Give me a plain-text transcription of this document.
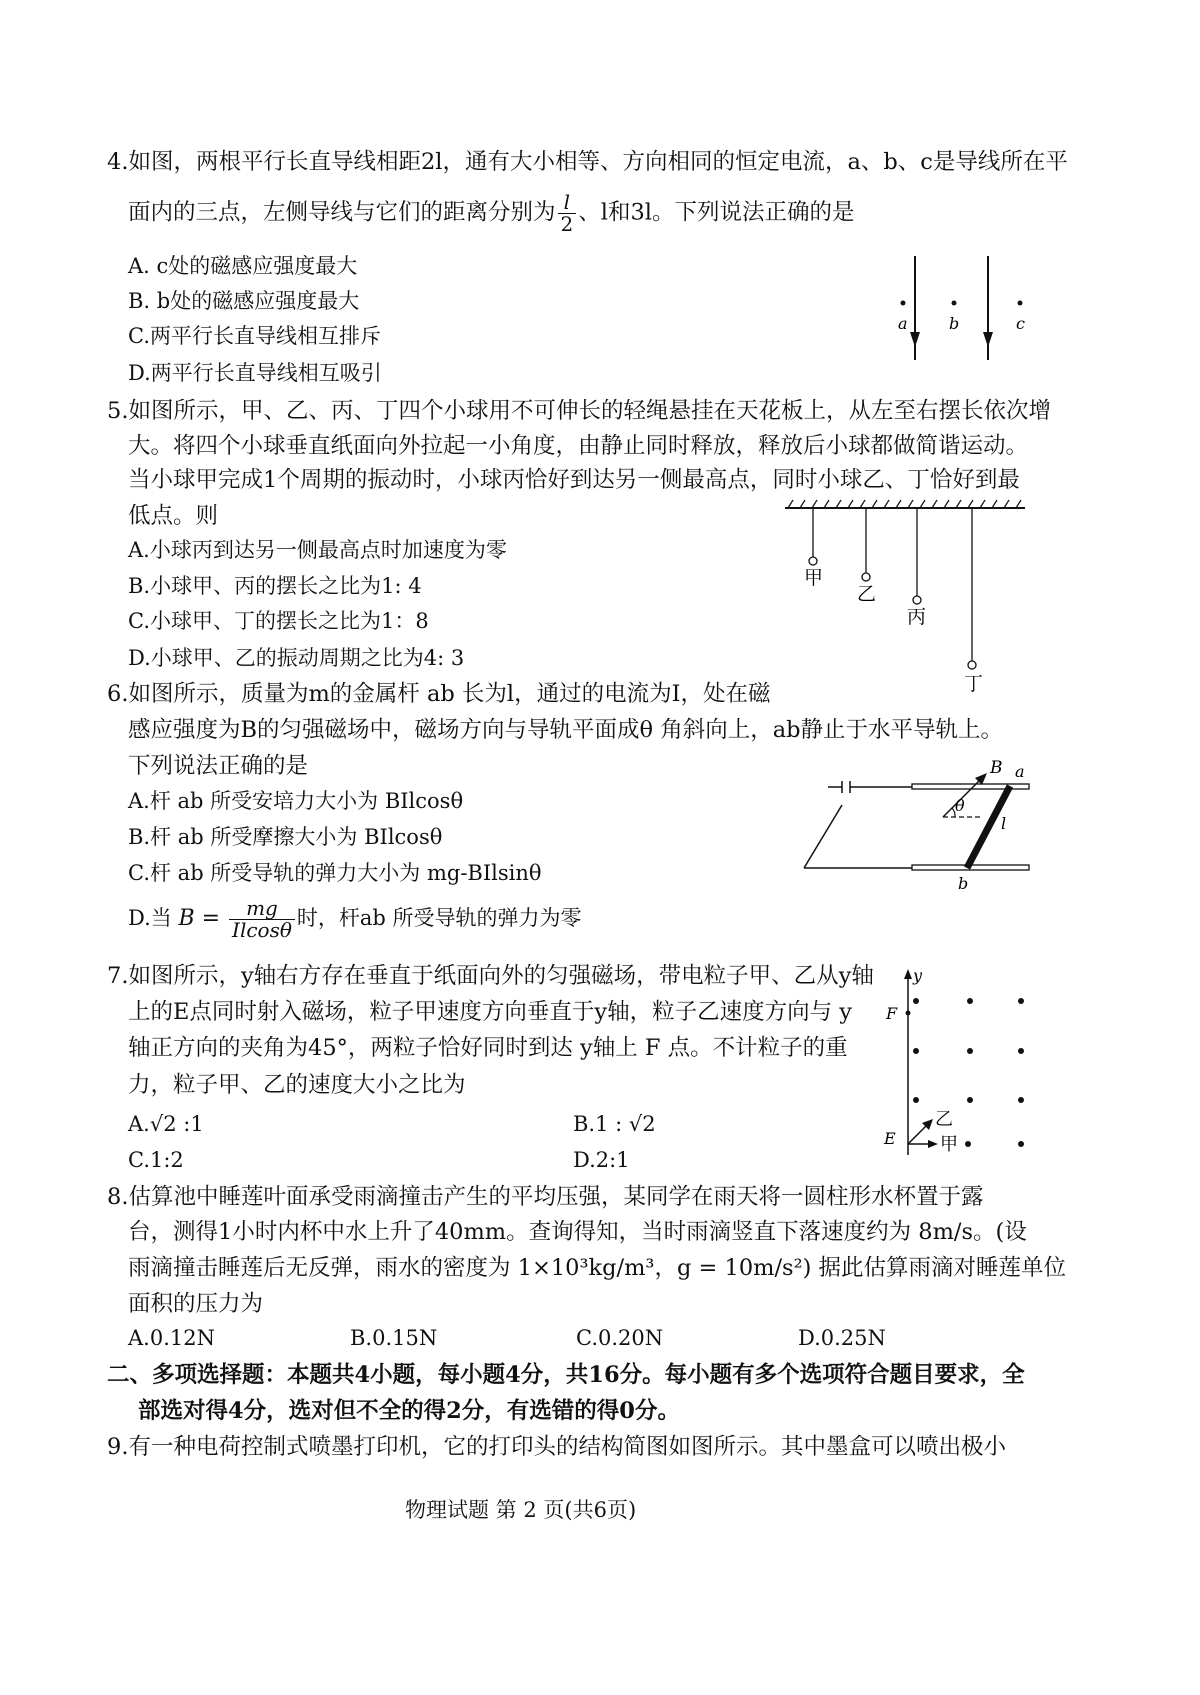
4.如图，两根平行长直导线相距2l，通有大小相等、方向相同的恒定电流，a、b、c是导线所在平
面内的三点，左侧导线与它们的距离分别为 $\frac{l}{2}$ 、l和3l。下列说法正确的是
A. c处的磁感应强度最大
B. b处的磁感应强度最大
C.两平行长直导线相互排斥
D.两平行长直导线相互吸引
a	b	c
5.如图所示，甲、乙、丙、丁四个小球用不可伸长的轻绳悬挂在天花板上，从左至右摆长依次增
大。将四个小球垂直纸面向外拉起一小角度，由静止同时释放，释放后小球都做简谐运动。
当小球甲完成1个周期的振动时，小球丙恰好到达另一侧最高点，同时小球乙、丁恰好到最
低点。则
A.小球丙到达另一侧最高点时加速度为零
B.小球甲、丙的摆长之比为1: 4
C.小球甲、丁的摆长之比为1：8
D.小球甲、乙的振动周期之比为4: 3
甲
乙
丙
丁
6.如图所示，质量为m的金属杆 ab 长为l，通过的电流为I，处在磁
感应强度为B的匀强磁场中，磁场方向与导轨平面成θ 角斜向上，ab静止于水平导轨上。
下列说法正确的是
A.杆 ab 所受安培力大小为 BIlcosθ
B.杆 ab 所受摩擦大小为 BIlcosθ
C.杆 ab 所受导轨的弹力大小为 mg-BIlsinθ
D.当 $B = \frac{mg}{Ilcos\theta}$ 时，杆ab 所受导轨的弹力为零
B a
θ
l
b
7.如图所示，y轴右方存在垂直于纸面向外的匀强磁场，带电粒子甲、乙从y轴
上的E点同时射入磁场，粒子甲速度方向垂直于y轴，粒子乙速度方向与 y
轴正方向的夹角为45°，两粒子恰好同时到达 y轴上 F 点。不计粒子的重
力，粒子甲、乙的速度大小之比为
A.√2 :1	B.1 : √2
C.1:2	D.2:1
y
F
E
乙
甲
8.估算池中睡莲叶面承受雨滴撞击产生的平均压强，某同学在雨天将一圆柱形水杯置于露
台，测得1小时内杯中水上升了40mm。查询得知，当时雨滴竖直下落速度约为 8m/s。(设
雨滴撞击睡莲后无反弹，雨水的密度为 1×10³kg/m³，g = 10m/s²) 据此估算雨滴对睡莲单位
面积的压力为
A.0.12N	B.0.15N	C.0.20N	D.0.25N
二、多项选择题：本题共4小题，每小题4分，共16分。每小题有多个选项符合题目要求，全
部选对得4分，选对但不全的得2分，有选错的得0分。
9.有一种电荷控制式喷墨打印机，它的打印头的结构简图如图所示。其中墨盒可以喷出极小
物理试题 第 2 页(共6页)
